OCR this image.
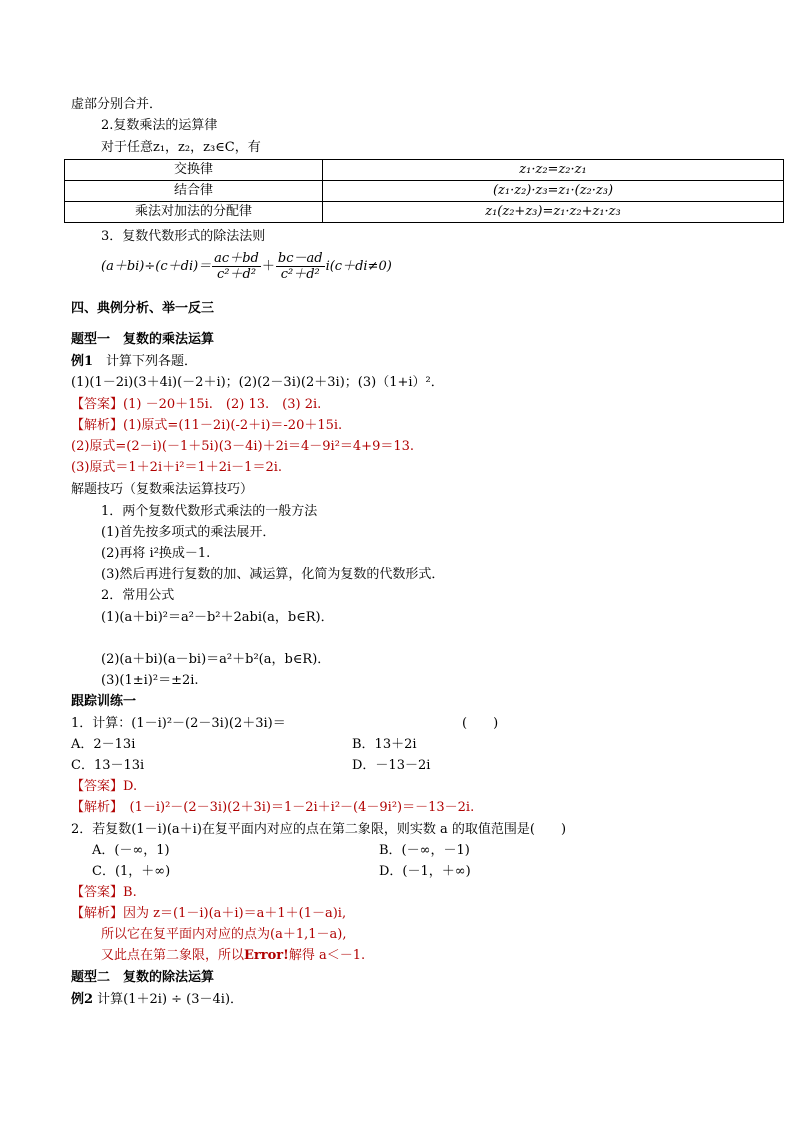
虚部分别合并．
2.复数乘法的运算律
对于任意z₁，z₂，z₃∈C，有
交换律	z₁·z₂=z₂·z₁
结合律	(z₁·z₂)·z₃=z₁·(z₂·z₃)
乘法对加法的分配律	z₁(z₂+z₃)=z₁·z₂+z₁·z₃
3．复数代数形式的除法法则
$(a+bi)\div(c+di)= \frac{ac+bd}{\text{c²＋d²}} + \frac{bc-ad}{\text{c²＋d²}} i(c+di\ne 0)$
四、典例分析、举一反三
题型一　复数的乘法运算
例1　计算下列各题．
(1)(1－2i)(3＋4i)(－2＋i)；(2)(2－3i)(2＋3i)；(3)（1+i）²．
【答案】(1) －20＋15i.　(2) 13.　(3) 2i.
【解析】(1)原式=(11－2i)(-2＋i)＝-20＋15i.
(2)原式=(2－i)(－1＋5i)(3－4i)＋2i＝4－9i²＝4+9＝13.
(3)原式＝1＋2i＋i²＝1＋2i－1＝2i.
解题技巧（复数乘法运算技巧）
1．两个复数代数形式乘法的一般方法
(1)首先按多项式的乘法展开．
(2)再将 i²换成－1.
(3)然后再进行复数的加、减运算，化简为复数的代数形式．
2．常用公式
(1)(a＋bi)²＝a²－b²＋2abi(a，b∈R)．
(2)(a＋bi)(a－bi)＝a²＋b²(a，b∈R)．
(3)(1±i)²＝±2i.
跟踪训练一
1．计算：(1－i)²－(2－3i)(2＋3i)＝	(　　)
A．2－13i	B．13＋2i
C．13－13i	D．－13－2i
【答案】D.
【解析】　(1－i)²－(2－3i)(2＋3i)＝1－2i＋i²－(4－9i²)＝－13－2i.
2．若复数(1－i)(a＋i)在复平面内对应的点在第二象限，则实数 a 的取值范围是(　　)
A．(－∞，1)	B．(－∞，－1)
C．(1，＋∞)	D．(－1，＋∞)
【答案】B.
【解析】因为 z＝(1－i)(a＋i)＝a＋1＋(1－a)i,
所以它在复平面内对应的点为(a＋1,1－a),
又此点在第二象限，所以Error!解得 a＜－1.
题型二　复数的除法运算
例2 计算(1＋2i) ÷ (3－4i)．
